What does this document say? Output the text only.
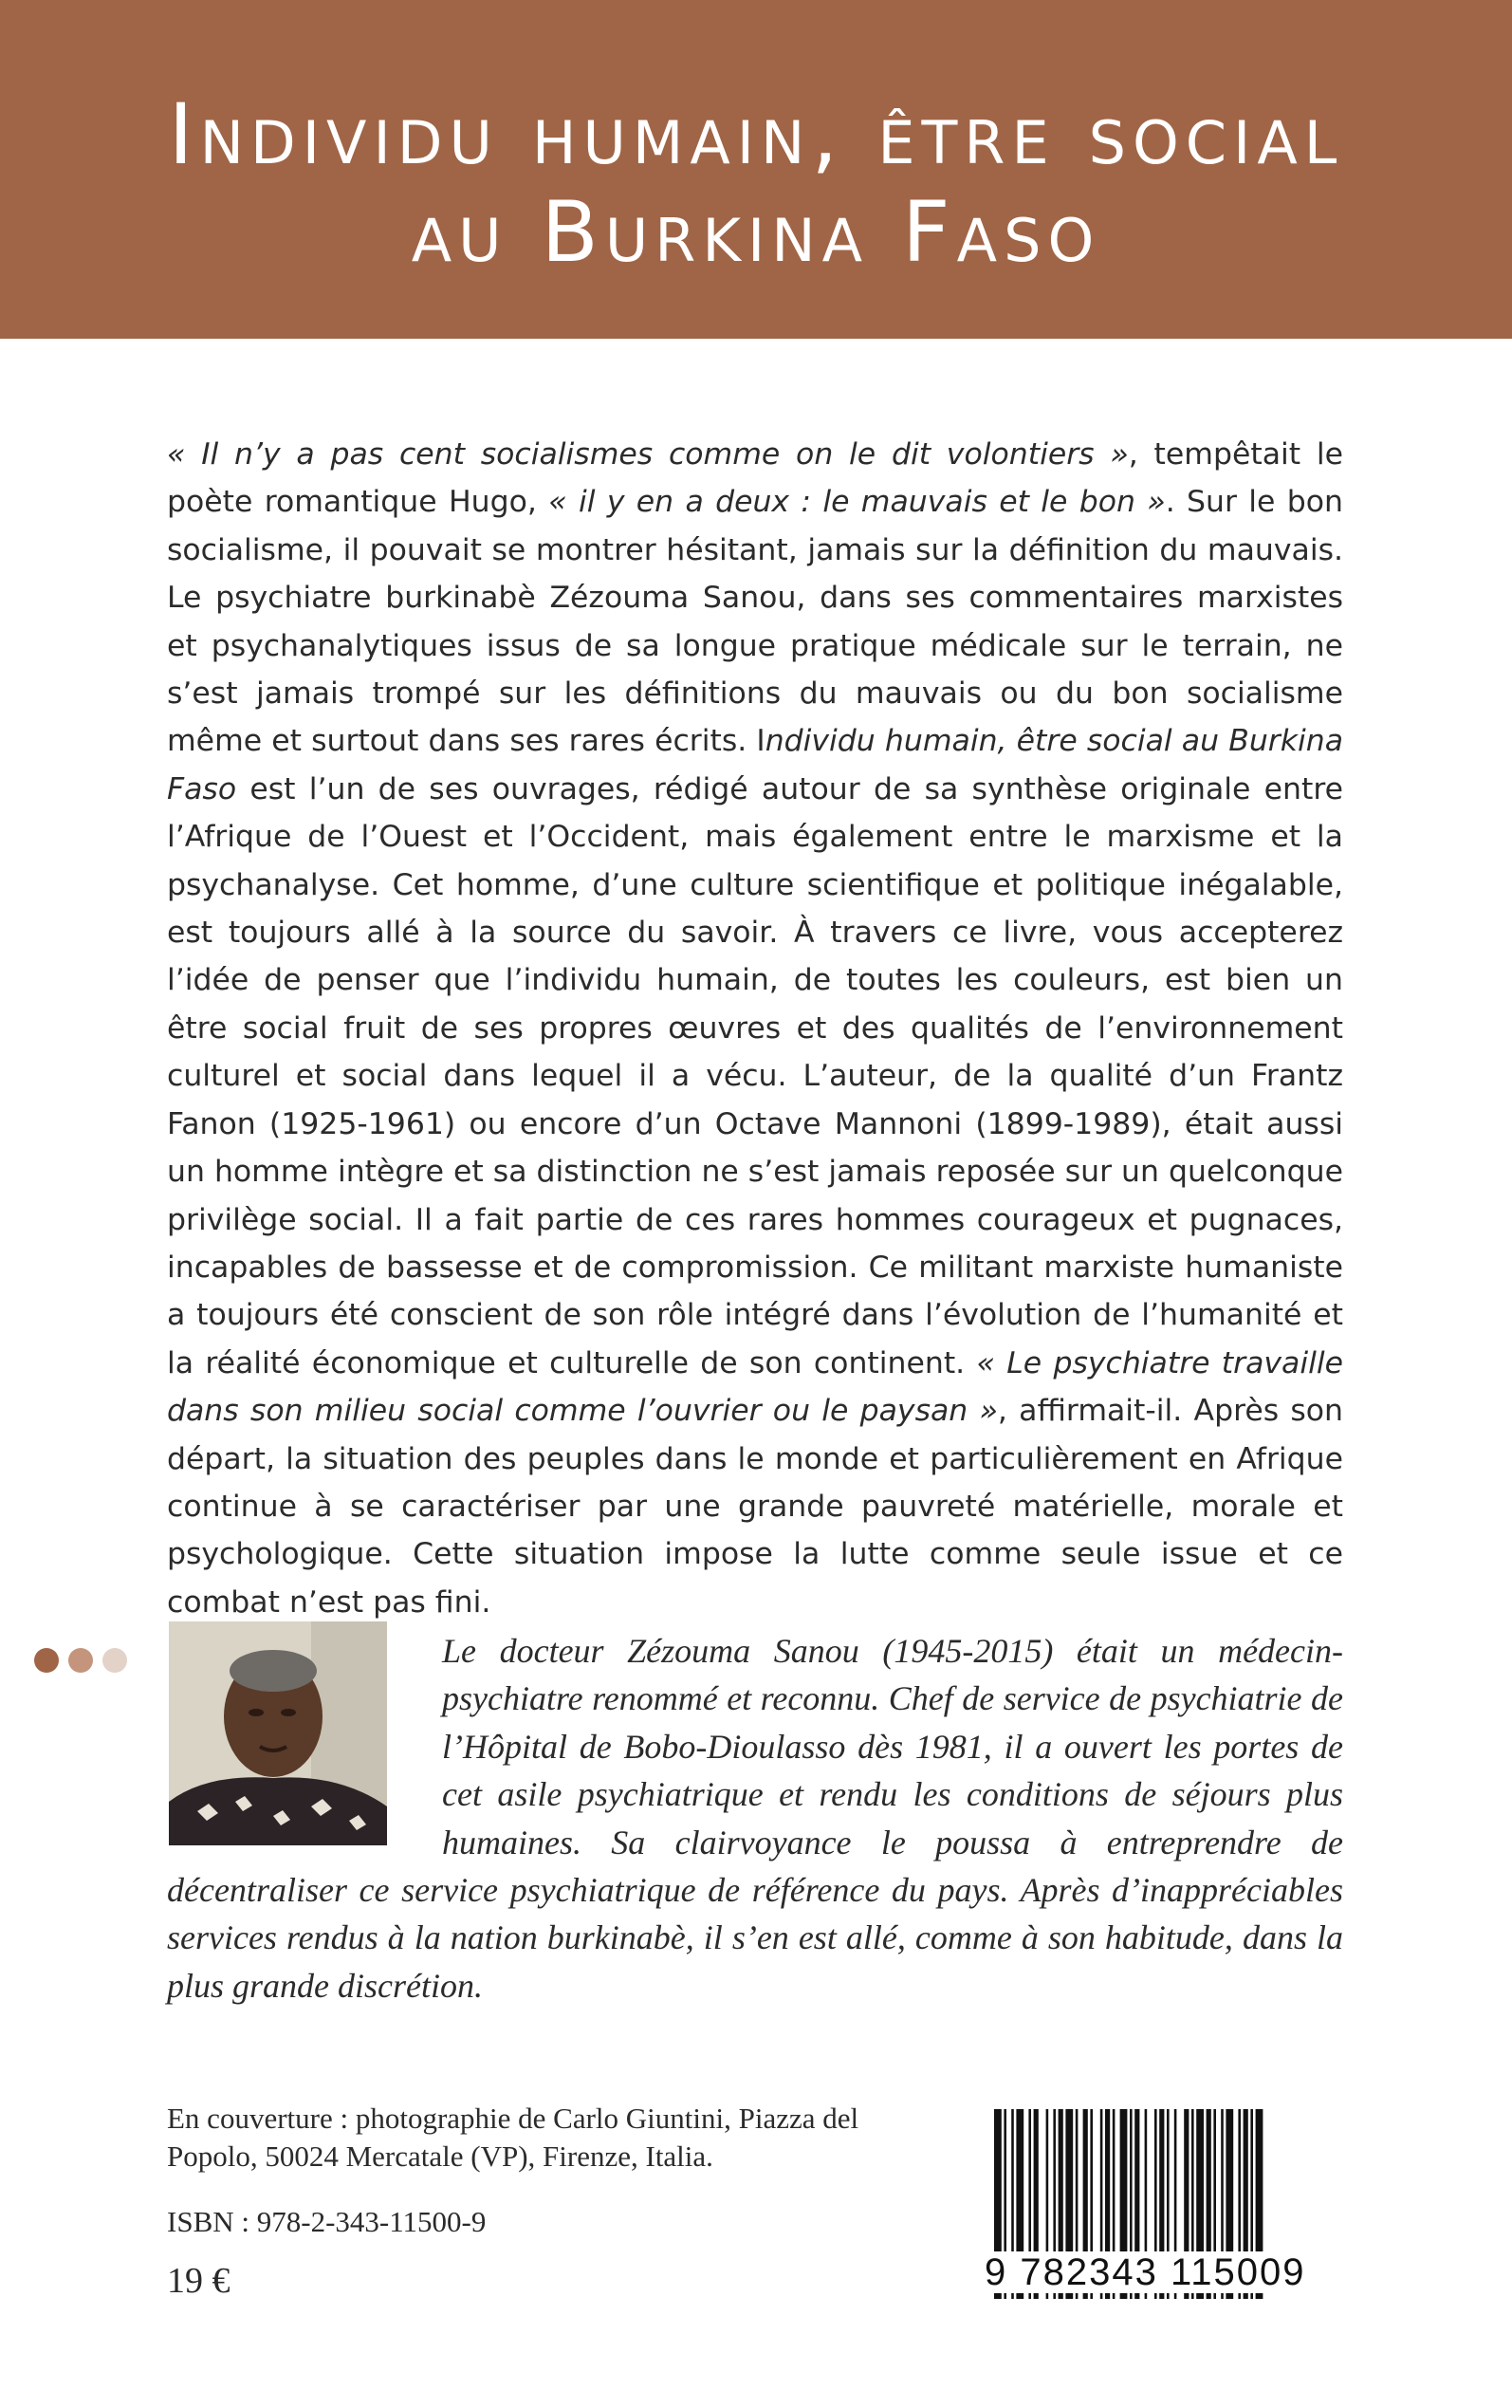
Individu humain, être social
au Burkina Faso

« Il n’y a pas cent socialismes comme on le dit volontiers », tempêtait le poète romantique Hugo, « il y en a deux : le mauvais et le bon ». Sur le bon socialisme, il pouvait se montrer hésitant, jamais sur la définition du mauvais. Le psychiatre burkinabè Zézouma Sanou, dans ses commentaires marxistes et psychanalytiques issus de sa longue pratique médicale sur le terrain, ne s’est jamais trompé sur les définitions du mauvais ou du bon socialisme même et surtout dans ses rares écrits. Individu humain, être social au Burkina Faso est l’un de ses ouvrages, rédigé autour de sa synthèse originale entre l’Afrique de l’Ouest et l’Occident, mais également entre le marxisme et la psychanalyse. Cet homme, d’une culture scientifique et politique inégalable, est toujours allé à la source du savoir. À travers ce livre, vous accepterez l’idée de penser que l’individu humain, de toutes les couleurs, est bien un être social fruit de ses propres œuvres et des qualités de l’environnement culturel et social dans lequel il a vécu. L’auteur, de la qualité d’un Frantz Fanon (1925-1961) ou encore d’un Octave Mannoni (1899-1989), était aussi un homme intègre et sa distinction ne s’est jamais reposée sur un quelconque privilège social. Il a fait partie de ces rares hommes courageux et pugnaces, incapables de bassesse et de compromission. Ce militant marxiste humaniste a toujours été conscient de son rôle intégré dans l’évolution de l’humanité et la réalité économique et culturelle de son continent. « Le psychiatre travaille dans son milieu social comme l’ouvrier ou le paysan », affirmait-il. Après son départ, la situation des peuples dans le monde et particulièrement en Afrique continue à se caractériser par une grande pauvreté matérielle, morale et psychologique. Cette situation impose la lutte comme seule issue et ce combat n’est pas fini.

Le docteur Zézouma Sanou (1945-2015) était un médecin-psychiatre renommé et reconnu. Chef de service de psychiatrie de l’Hôpital de Bobo-Dioulasso dès 1981, il a ouvert les portes de cet asile psychiatrique et rendu les conditions de séjours plus humaines. Sa clairvoyance le poussa à entreprendre de décentraliser ce service psychiatrique de référence du pays. Après d’inappréciables services rendus à la nation burkinabè, il s’en est allé, comme à son habitude, dans la plus grande discrétion.

En couverture : photographie de Carlo Giuntini, Piazza del Popolo, 50024 Mercatale (VP), Firenze, Italia.

ISBN : 978-2-343-11500-9

19 €	9 782343 115009
